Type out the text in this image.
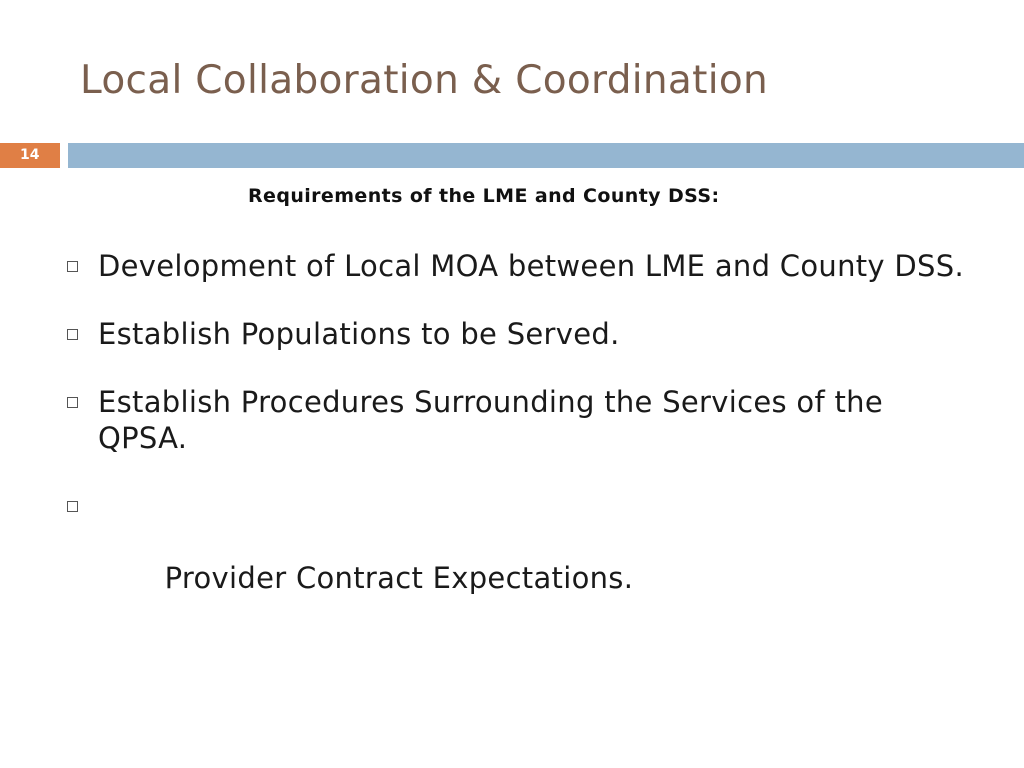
Local Collaboration & Coordination
14
Requirements of the LME and County DSS:
Development of Local MOA between LME and County DSS.
Establish Populations to be Served.
Establish Procedures Surrounding the Services of the QPSA.

Provider Contract Expectations.
